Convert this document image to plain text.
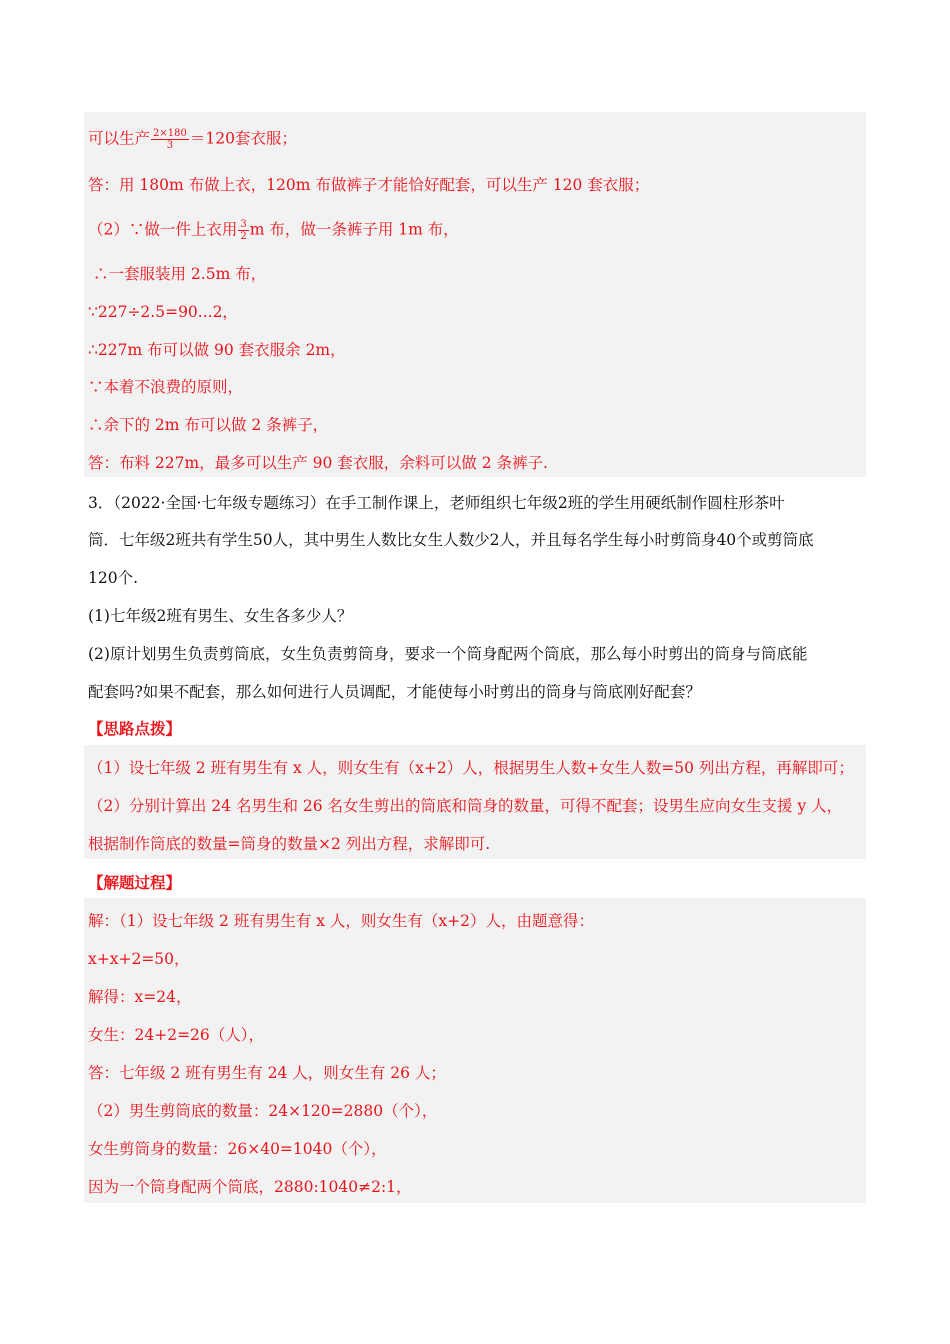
可以生产 $\frac{2\times 180}{3} =120$套衣服；
答：用 180m 布做上衣，120m 布做裤子才能恰好配套，可以生产 120 套衣服；
（2）∵做一件上衣用 $\frac{3}{2}$ m 布，做一条裤子用 1m 布，
∴一套服装用 2.5m 布，
∵227÷2.5=90...2，
∴227m 布可以做 90 套衣服余 2m，
∵本着不浪费的原则，
∴余下的 2m 布可以做 2 条裤子，
答：布料 227m，最多可以生产 90 套衣服，余料可以做 2 条裤子.
3．（2022·全国·七年级专题练习）在手工制作课上，老师组织七年级2班的学生用硬纸制作圆柱形茶叶
筒．七年级2班共有学生50人，其中男生人数比女生人数少2人，并且每名学生每小时剪筒身40个或剪筒底
120个.
(1)七年级2班有男生、女生各多少人？
(2)原计划男生负责剪筒底，女生负责剪筒身，要求一个筒身配两个筒底，那么每小时剪出的筒身与筒底能
配套吗?如果不配套，那么如何进行人员调配，才能使每小时剪出的筒身与筒底刚好配套？
【思路点拨】
（1）设七年级 2 班有男生有 x 人，则女生有（x+2）人，根据男生人数+女生人数=50 列出方程，再解即可；
（2）分别计算出 24 名男生和 26 名女生剪出的筒底和筒身的数量，可得不配套；设男生应向女生支援 y 人，
根据制作筒底的数量=筒身的数量×2 列出方程，求解即可.
【解题过程】
解：（1）设七年级 2 班有男生有 x 人，则女生有（x+2）人，由题意得：
x+x+2=50，
解得：x=24，
女生：24+2=26（人），
答：七年级 2 班有男生有 24 人，则女生有 26 人；
（2）男生剪筒底的数量：24×120=2880（个），
女生剪筒身的数量：26×40=1040（个），
因为一个筒身配两个筒底，2880:1040≠2:1，
